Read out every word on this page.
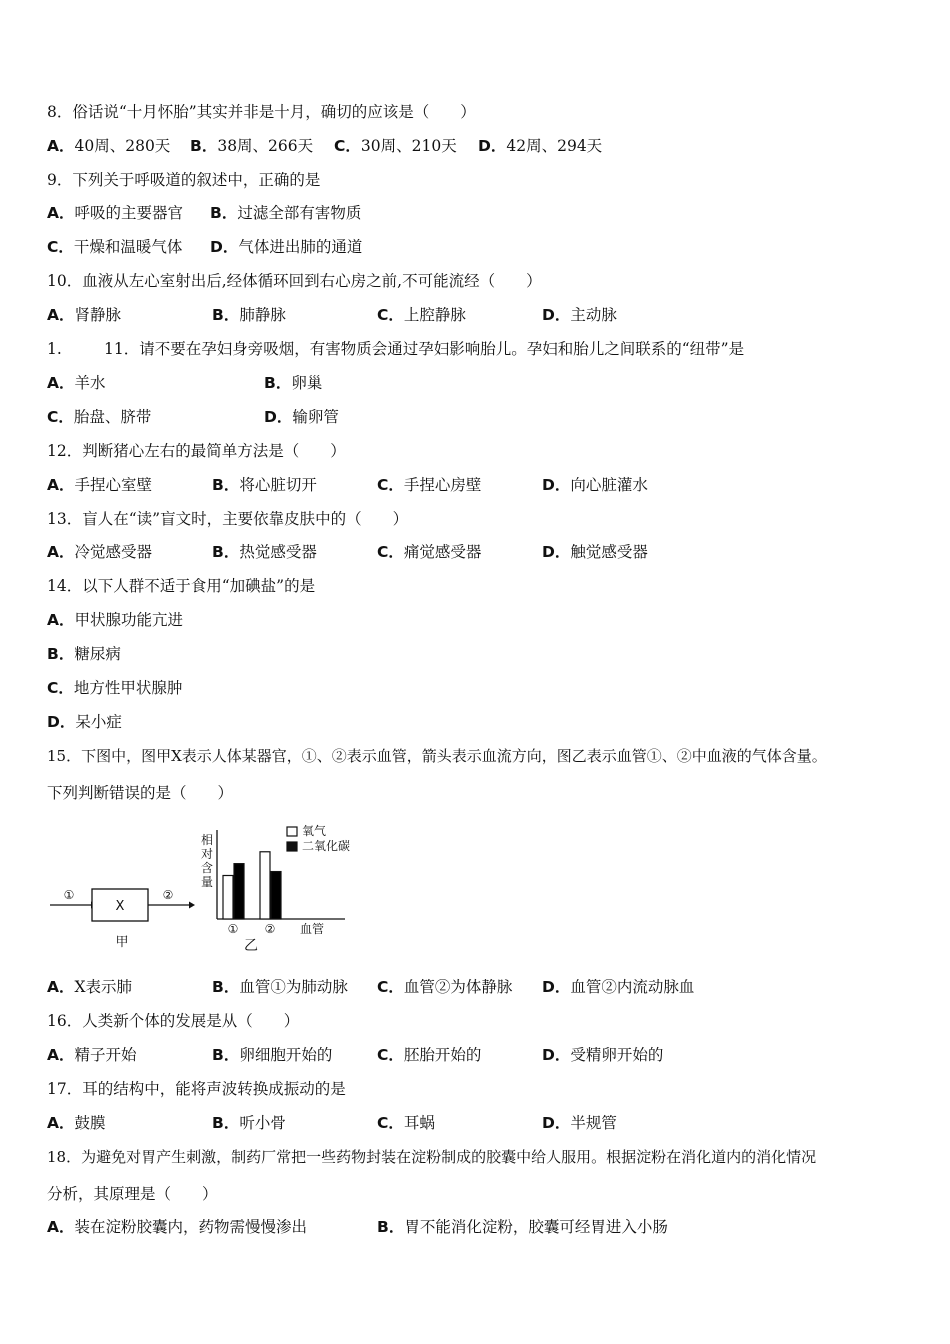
8．俗话说“十月怀胎”其实并非是十月，确切的应该是（　　）
A．40周、280天 B．38周、266天 C．30周、210天 D．42周、294天
9．下列关于呼吸道的叙述中，正确的是
A．呼吸的主要器官 B．过滤全部有害物质
C．干燥和温暖气体 D．气体进出肺的通道
10．血液从左心室射出后,经体循环回到右心房之前,不可能流经（　　）
A．肾静脉	B．肺静脉	C．上腔静脉	D．主动脉
1.	11．请不要在孕妇身旁吸烟，有害物质会通过孕妇影响胎儿。孕妇和胎儿之间联系的“纽带”是
A．羊水	B．卵巢
C．胎盘、脐带	D．输卵管
12．判断猪心左右的最简单方法是（　　）
A．手捏心室壁	B．将心脏切开	C．手捏心房壁	D．向心脏灌水
13．盲人在“读”盲文时，主要依靠皮肤中的（　　）
A．冷觉感受器	B．热觉感受器	C．痛觉感受器	D．触觉感受器
14．以下人群不适于食用“加碘盐”的是
A．甲状腺功能亢进
B．糖尿病
C．地方性甲状腺肿
D．呆小症
15．下图中，图甲X表示人体某器官，①、②表示血管，箭头表示血流方向，图乙表示血管①、②中血液的气体含量。
下列判断错误的是（　　）
①
X
②
甲
相
对
含
量
氧气
二氧化碳
① ② 血管
乙
A．X表示肺	B．血管①为肺动脉 C．血管②为体静脉 D．血管②内流动脉血
16．人类新个体的发展是从（　　）
A．精子开始	B．卵细胞开始的	C．胚胎开始的	D．受精卵开始的
17．耳的结构中，能将声波转换成振动的是
A．鼓膜	B．听小骨	C．耳蜗	D．半规管
18．为避免对胃产生刺激，制药厂常把一些药物封装在淀粉制成的胶囊中给人服用。根据淀粉在消化道内的消化情况
分析，其原理是（　　）
A．装在淀粉胶囊内，药物需慢慢渗出	B．胃不能消化淀粉，胶囊可经胃进入小肠
